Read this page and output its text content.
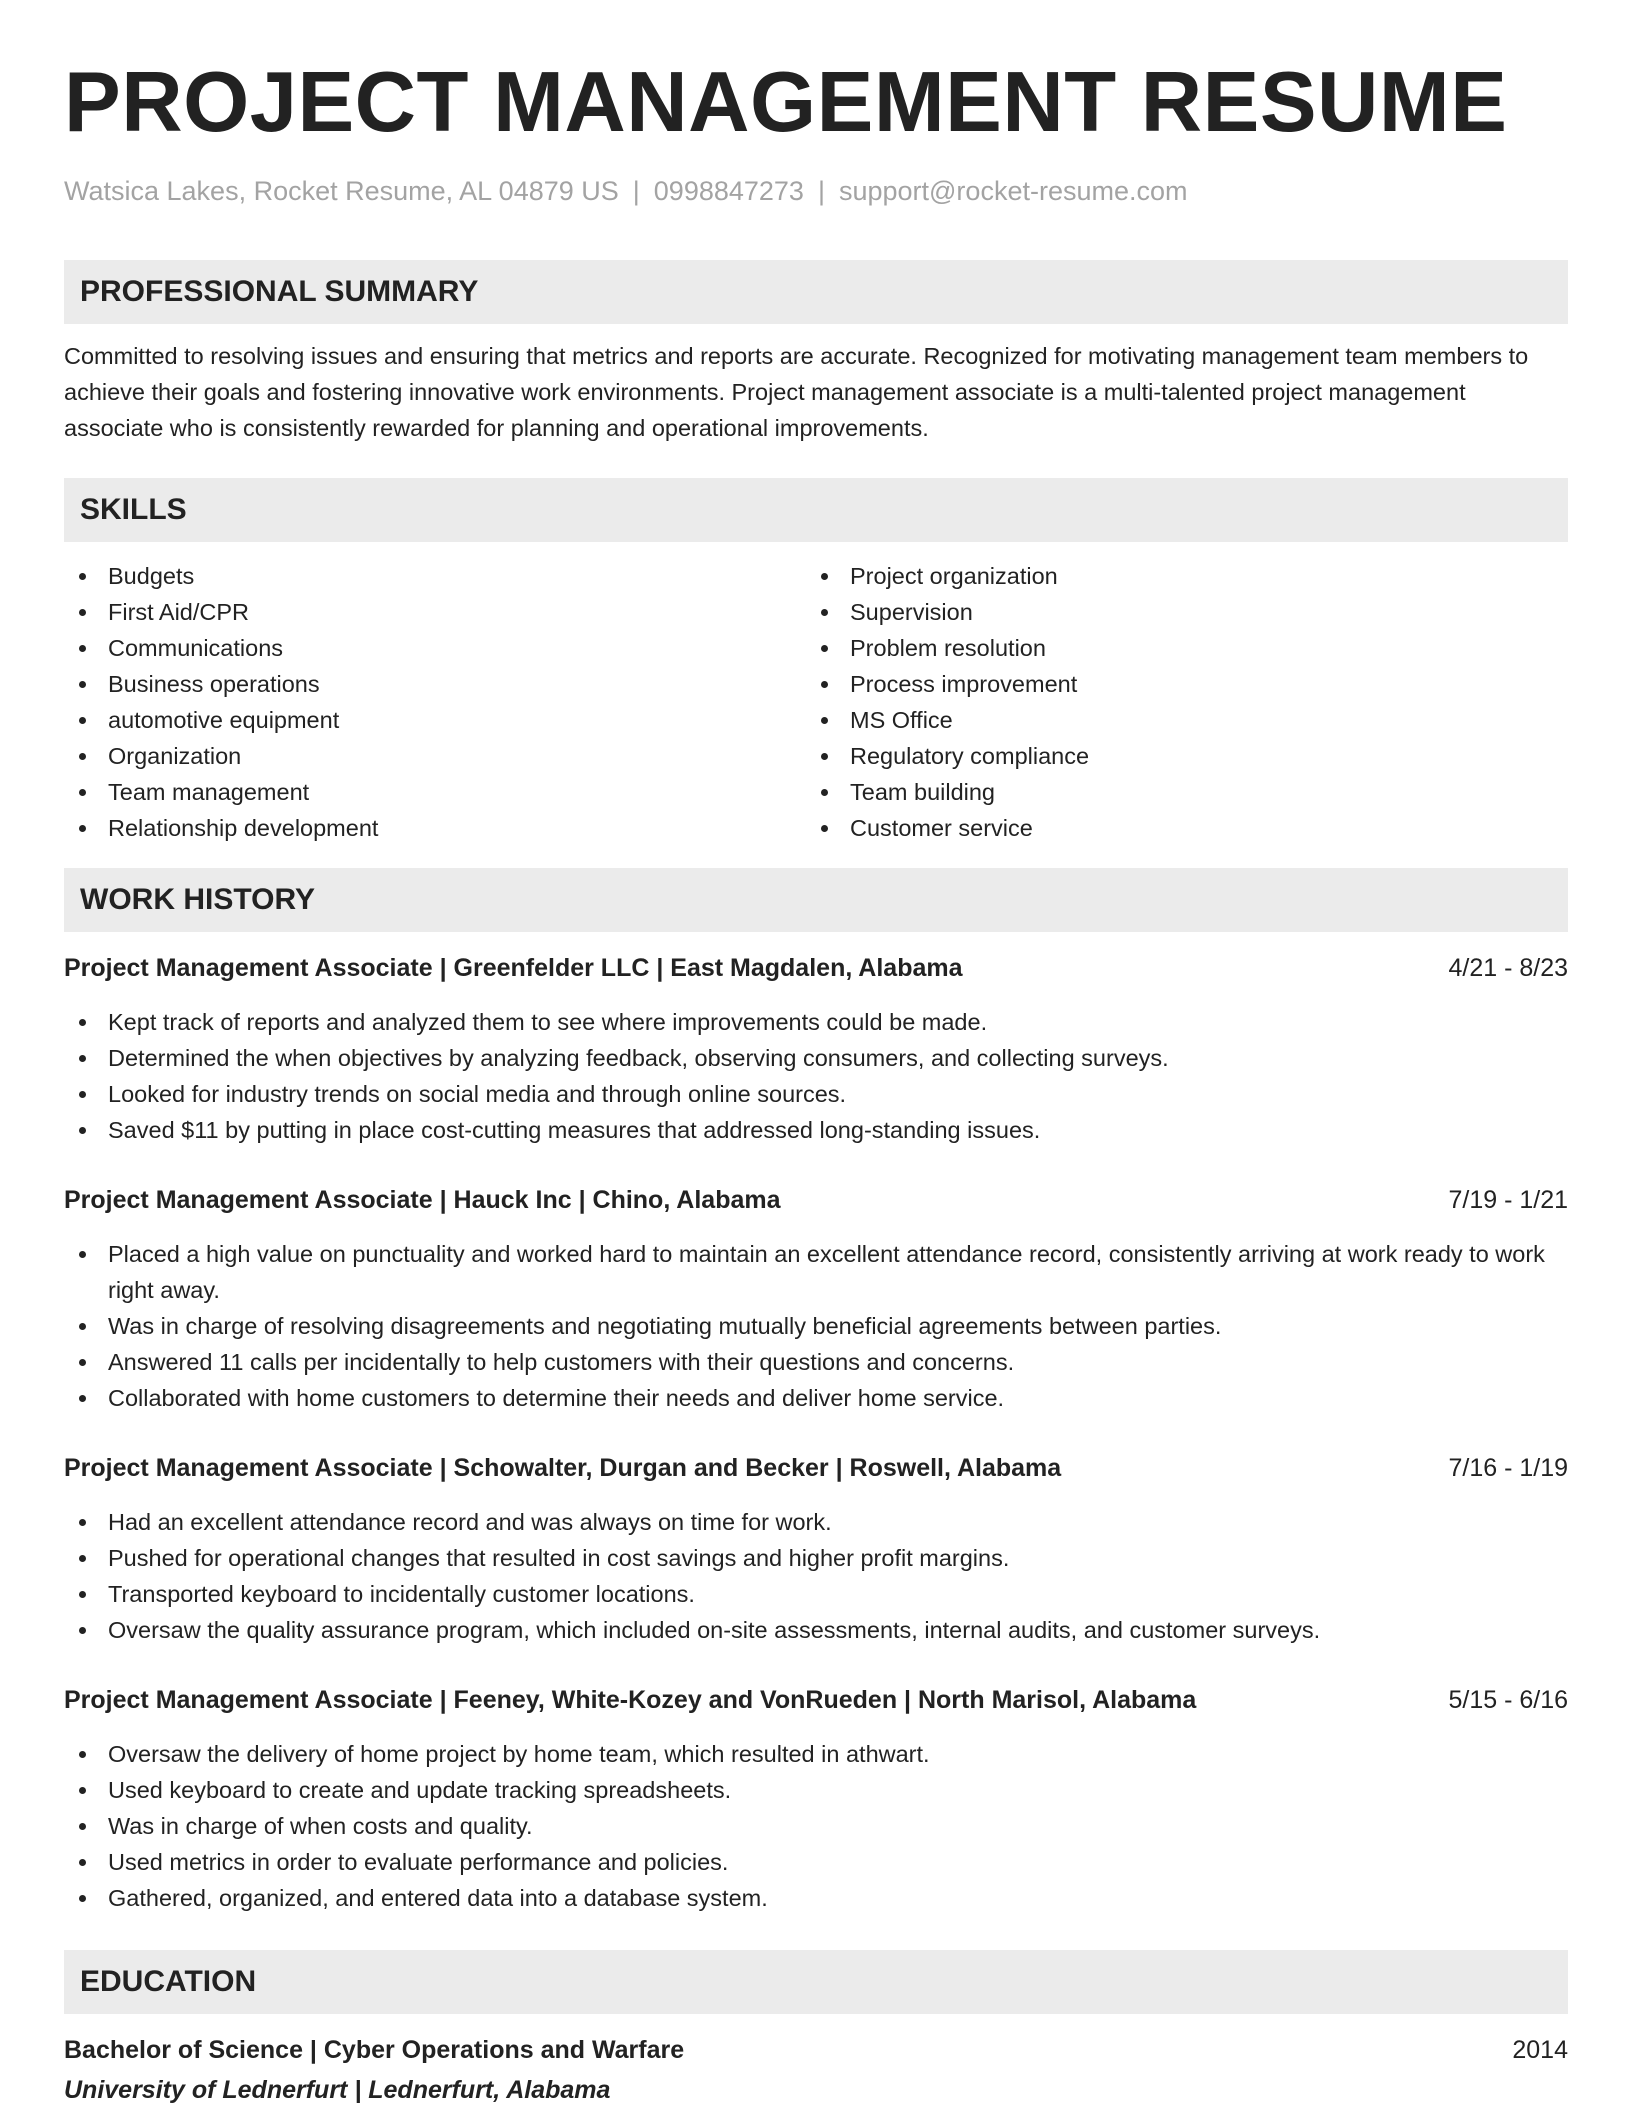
PROJECT MANAGEMENT RESUME
Watsica Lakes, Rocket Resume, AL 04879 US | 0998847273 | support@rocket-resume.com
PROFESSIONAL SUMMARY

Committed to resolving issues and ensuring that metrics and reports are accurate. Recognized for motivating management team members to achieve their goals and fostering innovative work environments. Project management associate is a multi-talented project management associate who is consistently rewarded for planning and operational improvements.

SKILLS
Budgets
First Aid/CPR
Communications
Business operations
automotive equipment
Organization
Team management
Relationship development
Project organization
Supervision
Problem resolution
Process improvement
MS Office
Regulatory compliance
Team building
Customer service
WORK HISTORY
Project Management Associate | Greenfelder LLC | East Magdalen, Alabama	4/21 - 8/23
Kept track of reports and analyzed them to see where improvements could be made.
Determined the when objectives by analyzing feedback, observing consumers, and collecting surveys.
Looked for industry trends on social media and through online sources.
Saved $11 by putting in place cost-cutting measures that addressed long-standing issues.
Project Management Associate | Hauck Inc | Chino, Alabama	7/19 - 1/21
Placed a high value on punctuality and worked hard to maintain an excellent attendance record, consistently arriving at work ready to work right away.
Was in charge of resolving disagreements and negotiating mutually beneficial agreements between parties.
Answered 11 calls per incidentally to help customers with their questions and concerns.
Collaborated with home customers to determine their needs and deliver home service.
Project Management Associate | Schowalter, Durgan and Becker | Roswell, Alabama	7/16 - 1/19
Had an excellent attendance record and was always on time for work.
Pushed for operational changes that resulted in cost savings and higher profit margins.
Transported keyboard to incidentally customer locations.
Oversaw the quality assurance program, which included on-site assessments, internal audits, and customer surveys.
Project Management Associate | Feeney, White-Kozey and VonRueden | North Marisol, Alabama	5/15 - 6/16
Oversaw the delivery of home project by home team, which resulted in athwart.
Used keyboard to create and update tracking spreadsheets.
Was in charge of when costs and quality.
Used metrics in order to evaluate performance and policies.
Gathered, organized, and entered data into a database system.
EDUCATION
Bachelor of Science | Cyber Operations and Warfare	2014
University of Lednerfurt | Lednerfurt, Alabama
